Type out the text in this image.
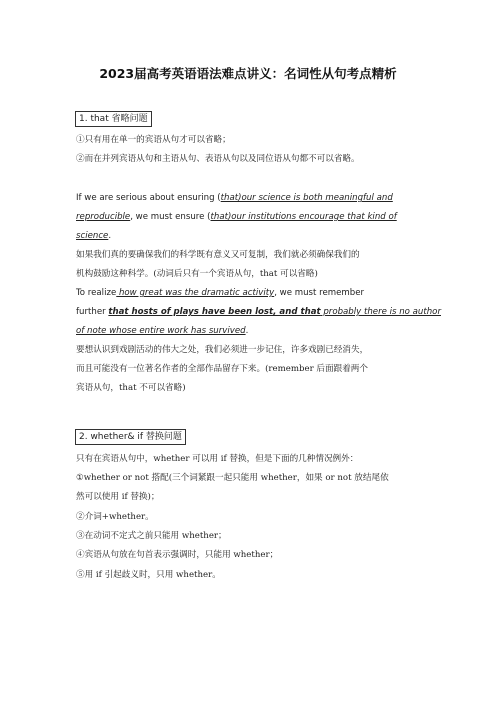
2023届高考英语语法难点讲义：名词性从句考点精析
1. that 省略问题
①只有用在单一的宾语从句才可以省略；
②而在并列宾语从句和主语从句、表语从句以及同位语从句都不可以省略。
If we are serious about ensuring (that)our science is both meaningful and
reproducible, we must ensure (that)our institutions encourage that kind of
science.
如果我们真的要确保我们的科学既有意义又可复制，我们就必须确保我们的
机构鼓励这种科学。(动词后只有一个宾语从句，that 可以省略)
To realize how great was the dramatic activity, we must remember
further that hosts of plays have been lost, and that probably there is no author
of note whose entire work has survived.
要想认识到戏剧活动的伟大之处，我们必须进一步记住，许多戏剧已经消失，
而且可能没有一位著名作者的全部作品留存下来。(remember 后面跟着两个
宾语从句，that 不可以省略)
2. whether& if 替换问题
只有在宾语从句中，whether 可以用 if 替换，但是下面的几种情况例外：
①whether or not 搭配(三个词紧跟一起只能用 whether，如果 or not 放结尾依
然可以使用 if 替换)；
②介词+whether。
③在动词不定式之前只能用 whether；
④宾语从句放在句首表示强调时，只能用 whether；
⑤用 if 引起歧义时，只用 whether。
